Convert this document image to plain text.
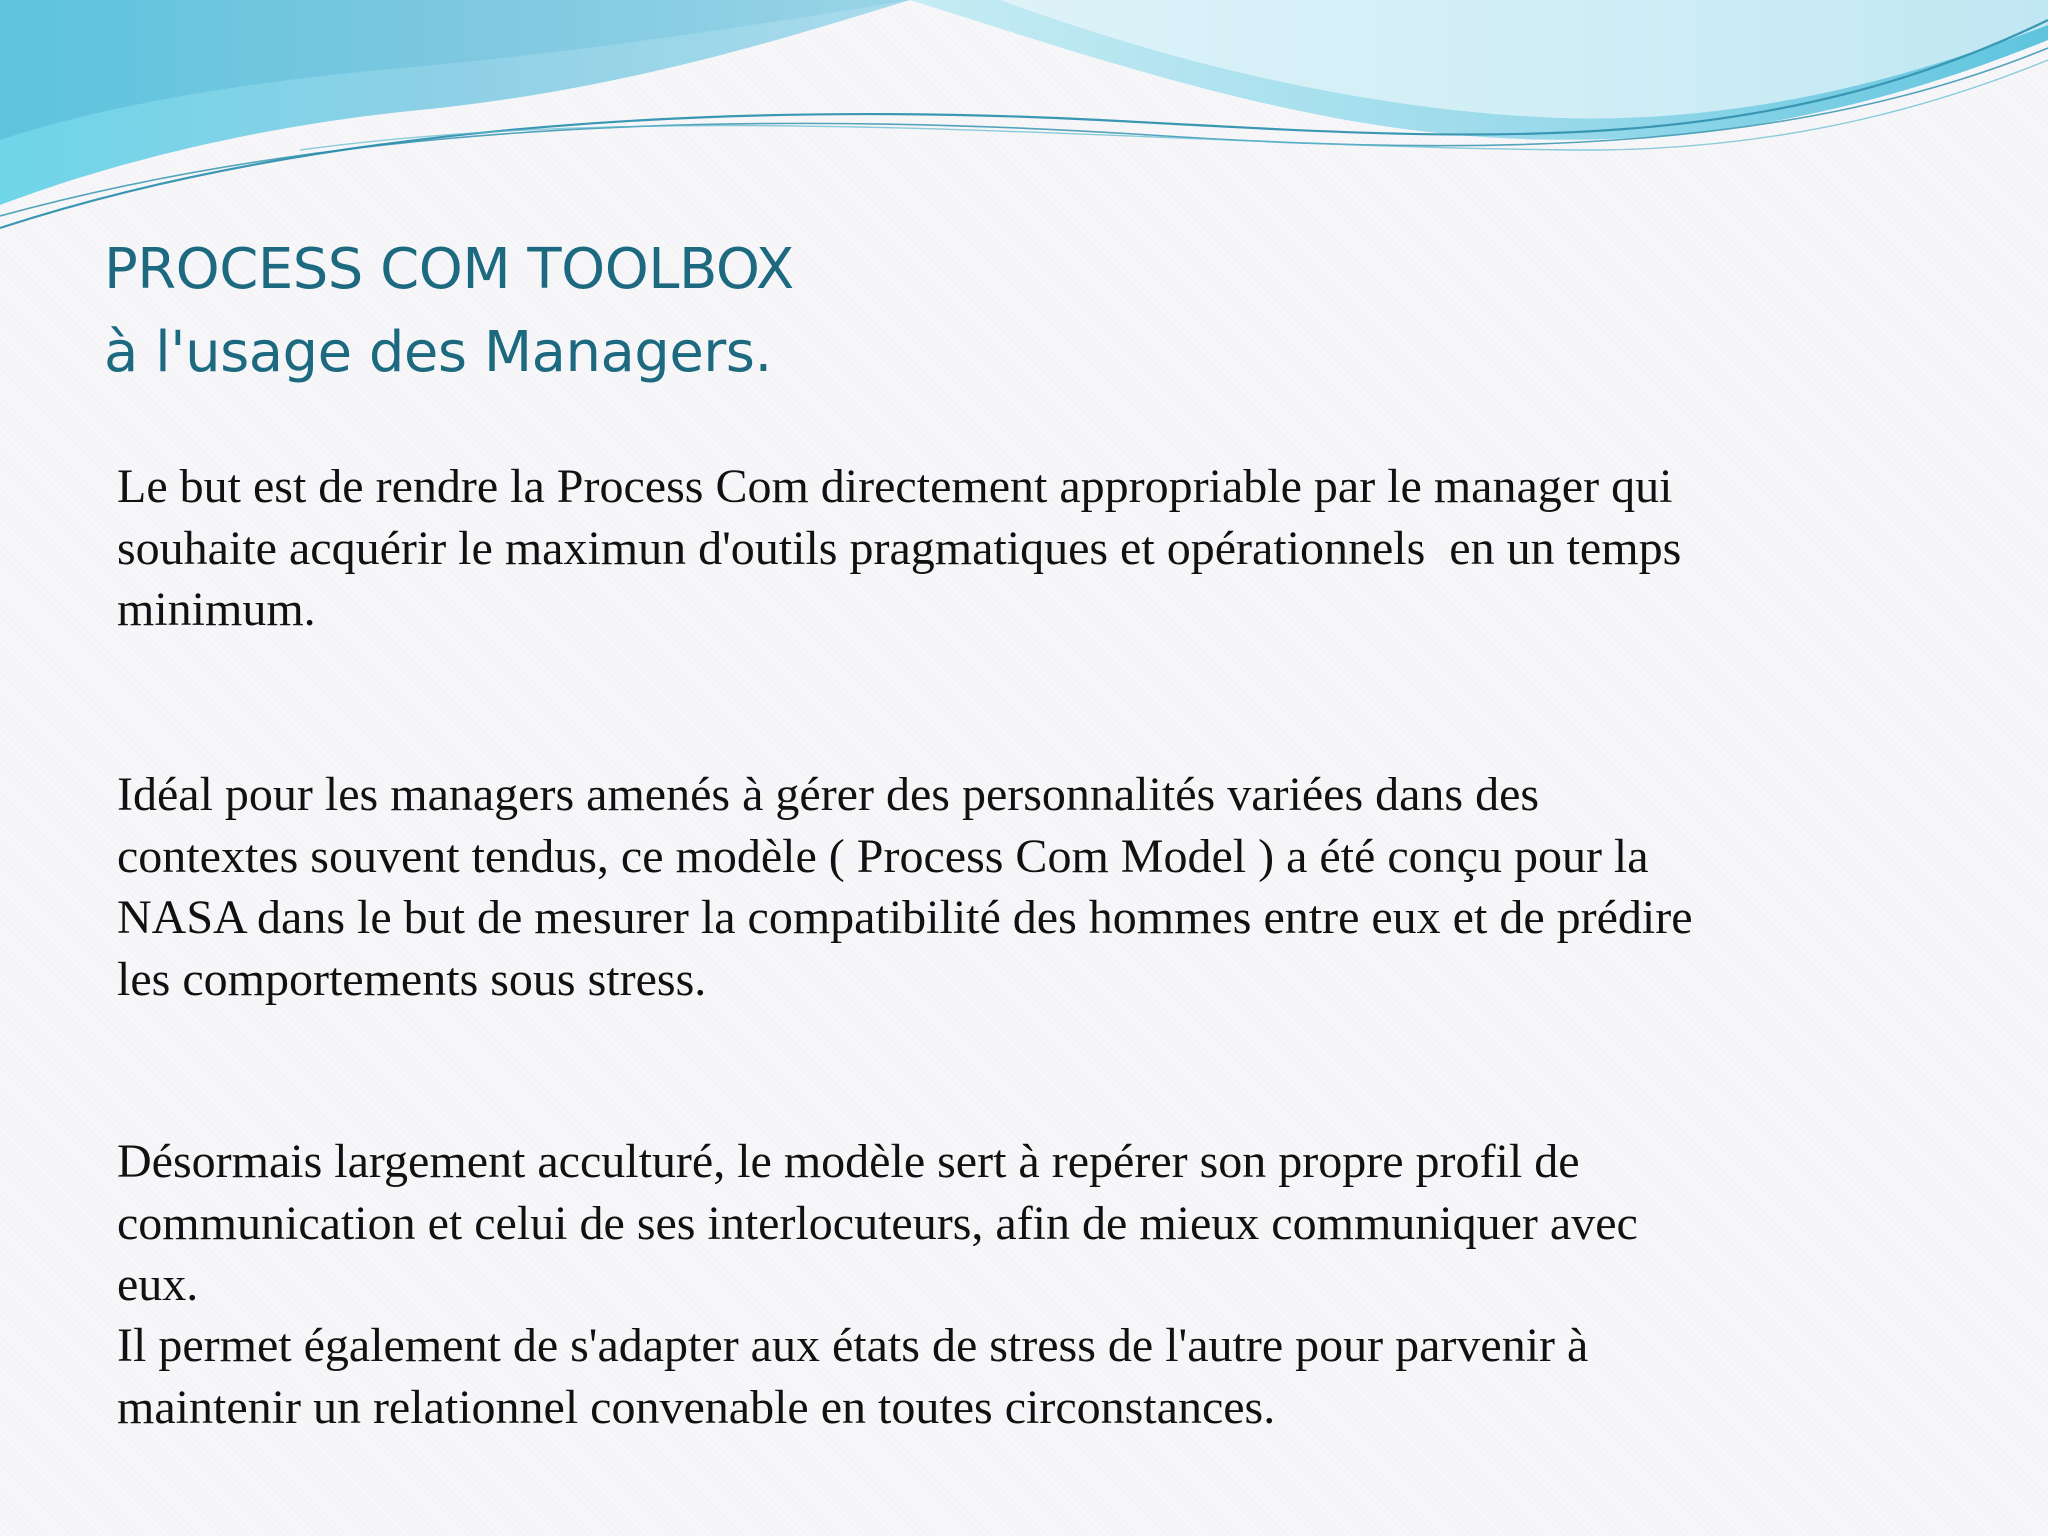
PROCESS COM TOOLBOX
à l'usage des Managers.

Le but est de rendre la Process Com directement appropriable par le manager qui
souhaite acquérir le maximun d'outils pragmatiques et opérationnels  en un temps
minimum.

Idéal pour les managers amenés à gérer des personnalités variées dans des
contextes souvent tendus, ce modèle ( Process Com Model ) a été conçu pour la
NASA dans le but de mesurer la compatibilité des hommes entre eux et de prédire
les comportements sous stress.

Désormais largement acculturé, le modèle sert à repérer son propre profil de
communication et celui de ses interlocuteurs, afin de mieux communiquer avec
eux.

Il permet également de s'adapter aux états de stress de l'autre pour parvenir à
maintenir un relationnel convenable en toutes circonstances.
